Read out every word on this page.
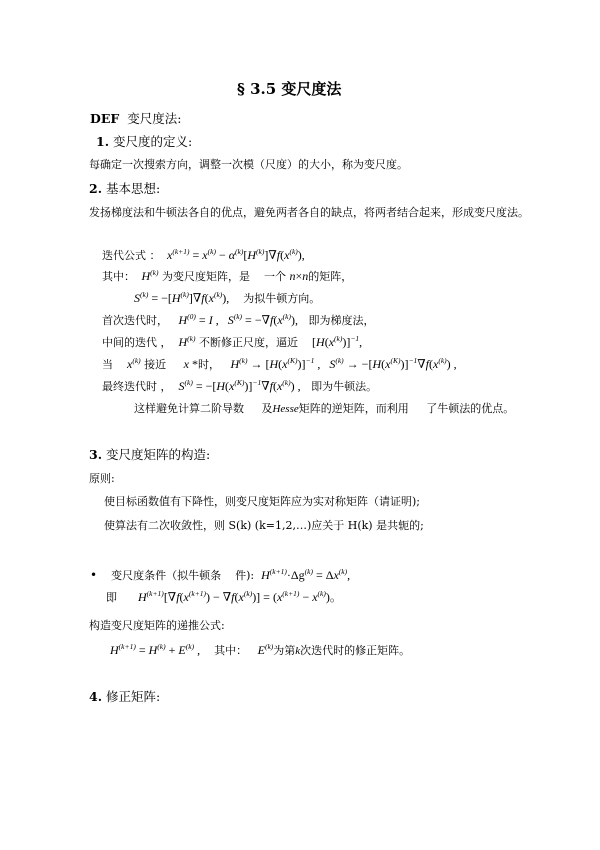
§ 3.5 变尺度法
DEF 变尺度法:
1. 变尺度的定义:
每确定一次搜索方向，调整一次模（尺度）的大小，称为变尺度。
2. 基本思想:
发扬梯度法和牛顿法各自的优点，避免两者各自的缺点，将两者结合起来，形成变尺度法。
迭代公式 ： $x^{(k+1)} = x^{(k)} - \alpha^{(k)}[H^{(k)}]\nabla f(x^{(k)})$,
其中： $H^{(k)}$ 为变尺度矩阵，是 一个 n×n的矩阵，
$S^{(k)} = -[H^{(k)}]\nabla f(x^{(k)})$, 为拟牛顿方向。
首次迭代时， $H^{(0)} = I$ ,   $S^{(k)} = -\nabla f(x^{(k)})$, 即为梯度法，
中间的迭代 ， $H^{(k)}$ 不断修正尺度，逼近 $[H(x^{(k)})]^{-1}$,
当 $x^{(k)}$ 接近 x *时， $H^{(k)} \to [H(x^{(K)})]^{-1}$ ,   $S^{(k)} \to -[H(x^{(K)})]^{-1}\nabla f(x^{(k)})$ ,
最终迭代时 ， $S^{(k)} = -[H(x^{(K)})]^{-1}\nabla f(x^{(k)})$ , 即为牛顿法。
这样避免计算二阶导数 及Hesse矩阵的逆矩阵，而利用 了牛顿法的优点。
3. 变尺度矩阵的构造:
原则:
使目标函数值有下降性，则变尺度矩阵应为实对称矩阵（请证明);
使算法有二次收敛性，则 S(k) (k=1,2,…)应关于 H(k) 是共轭的;
• 变尺度条件（拟牛顿条 件): $H^{(k+1)}\cdot\Delta g^{(k)} = \Delta x^{(k)}$,
即 $H^{(k+1)}[\nabla f(x^{(k+1)}) - \nabla f(x^{(k)})] = (x^{(k+1)} - x^{(k)})$。
构造变尺度矩阵的递推公式:
$H^{(k+1)} = H^{(k)} + E^{(k)}$ , 其中： $E^{(k)}$为第k次迭代时的修正矩阵。
4. 修正矩阵:
